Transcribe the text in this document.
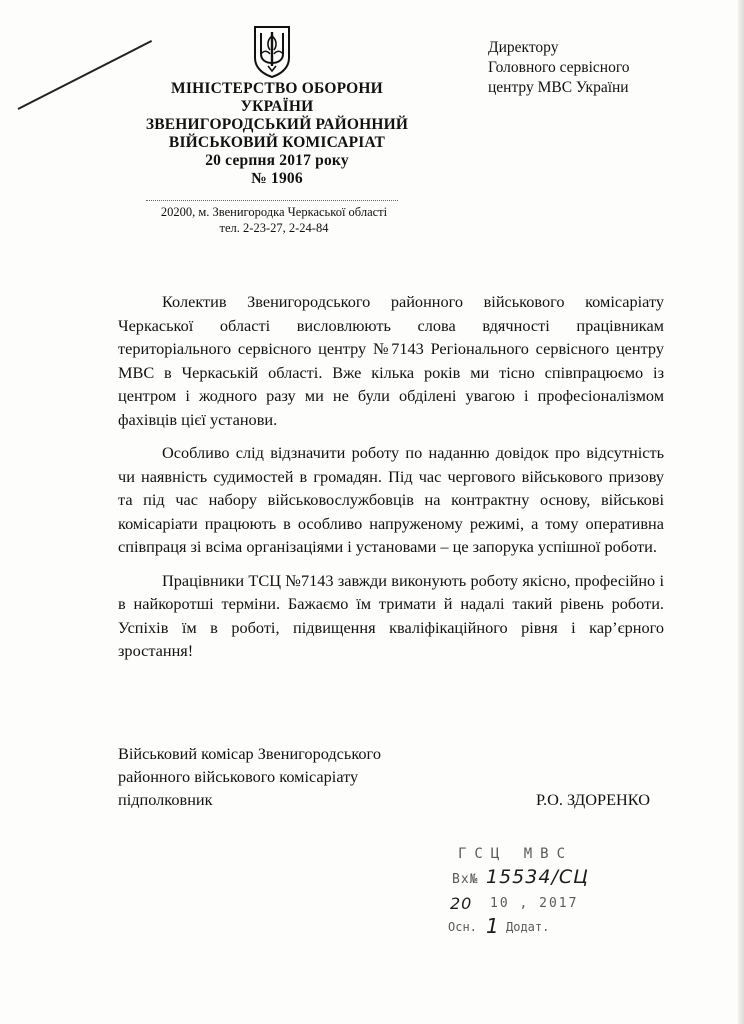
МІНІСТЕРСТВО ОБОРОНИ
УКРАЇНИ
ЗВЕНИГОРОДСЬКИЙ РАЙОННИЙ
ВІЙСЬКОВИЙ КОМІСАРІАТ
20 серпня 2017 року
№ 1906
20200, м. Звенигородка Черкаської області
тел. 2-23-27, 2-24-84
Директору
Головного сервісного
центру МВС України

Колектив Звенигородського районного військового комісаріату Черкаської області висловлюють слова вдячності працівникам територіального сервісного центру №7143 Регіонального сервісного центру МВС в Черкаській області. Вже кілька років ми тісно співпрацюємо із центром і жодного разу ми не були обділені увагою і професіоналізмом фахівців цієї установи.

Особливо слід відзначити роботу по наданню довідок про відсутність чи наявність судимостей в громадян. Під час чергового військового призову та під час набору військовослужбовців на контрактну основу, військові комісаріати працюють в особливо напруженому режимі, а тому оперативна співпраця зі всіма організаціями і установами – це запорука успішної роботи.

Працівники ТСЦ №7143 завжди виконують роботу якісно, професійно і в найкоротші терміни. Бажаємо їм тримати й надалі такий рівень роботи. Успіхів їм в роботі, підвищення кваліфікаційного рівня і кар’єрного зростання!

Військовий комісар Звенигородського
районного військового комісаріату
підполковник	Р.О. ЗДОРЕНКО
ГСЦ МВС
Вх№ 15534/СЦ
20 10 , 2017
Осн. 1 Додат.
